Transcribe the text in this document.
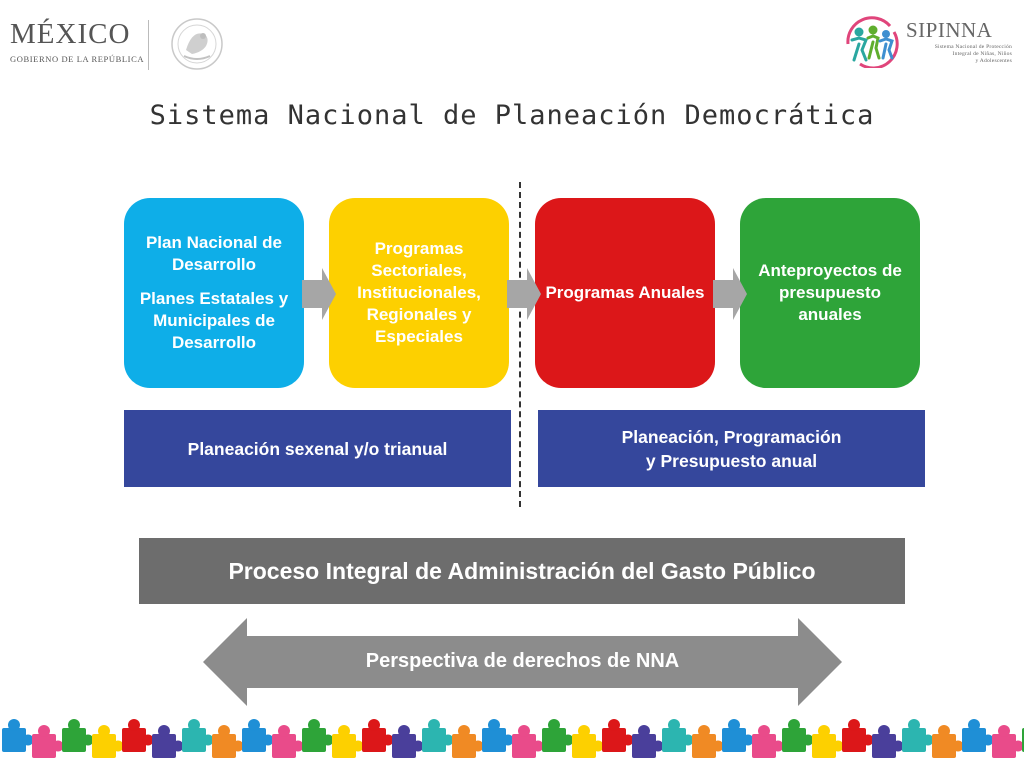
MÉXICO
GOBIERNO DE LA REPÚBLICA
SIPINNA
Sistema Nacional de Protección
Integral de Niñas, Niños
y Adolescentes
Sistema Nacional de Planeación Democrática
Plan Nacional de Desarrollo
Planes Estatales y Municipales de Desarrollo
Programas Sectoriales, Institucionales, Regionales y Especiales
Programas Anuales
Anteproyectos de presupuesto anuales
Planeación sexenal y/o trianual
Planeación, Programación
y Presupuesto anual
Proceso Integral de Administración del Gasto Público
Perspectiva de derechos de NNA
